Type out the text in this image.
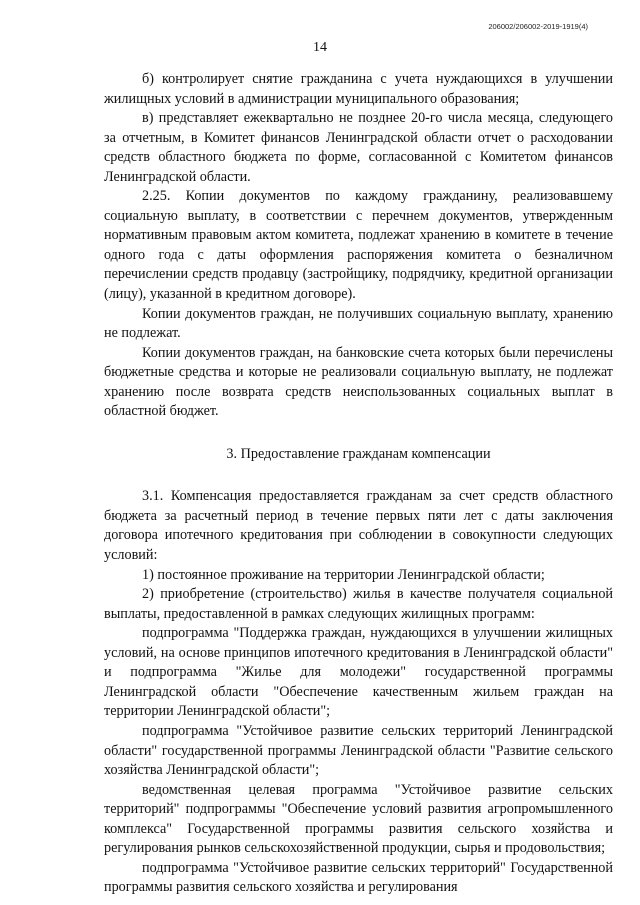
206002/206002-2019-1919(4)
14

б) контролирует снятие гражданина с учета нуждающихся в улучшении жилищных условий в администрации муниципального образования;

в) представляет ежеквартально не позднее 20-го числа месяца, следующего за отчетным, в Комитет финансов Ленинградской области отчет о расходовании средств областного бюджета по форме, согласованной с Комитетом финансов Ленинградской области.

2.25. Копии документов по каждому гражданину, реализовавшему социальную выплату, в соответствии с перечнем документов, утвержденным нормативным правовым актом комитета, подлежат хранению в комитете в течение одного года с даты оформления распоряжения комитета о безналичном перечислении средств продавцу (застройщику, подрядчику, кредитной организации (лицу), указанной в кредитном договоре).

Копии документов граждан, не получивших социальную выплату, хранению не подлежат.

Копии документов граждан, на банковские счета которых были перечислены бюджетные средства и которые не реализовали социальную выплату, не подлежат хранению после возврата средств неиспользованных социальных выплат в областной бюджет.

3. Предоставление гражданам компенсации

3.1. Компенсация предоставляется гражданам за счет средств областного бюджета за расчетный период в течение первых пяти лет с даты заключения договора ипотечного кредитования при соблюдении в совокупности следующих условий:

1) постоянное проживание на территории Ленинградской области;

2) приобретение (строительство) жилья в качестве получателя социальной выплаты, предоставленной в рамках следующих жилищных программ:

подпрограмма "Поддержка граждан, нуждающихся в улучшении жилищных условий, на основе принципов ипотечного кредитования в Ленинградской области" и подпрограмма "Жилье для молодежи" государственной программы Ленинградской области "Обеспечение качественным жильем граждан на территории Ленинградской области";

подпрограмма "Устойчивое развитие сельских территорий Ленинградской области" государственной программы Ленинградской области "Развитие сельского хозяйства Ленинградской области";

ведомственная целевая программа "Устойчивое развитие сельских территорий" подпрограммы "Обеспечение условий развития агропромышленного комплекса" Государственной программы развития сельского хозяйства и регулирования рынков сельскохозяйственной продукции, сырья и продовольствия;

подпрограмма "Устойчивое развитие сельских территорий" Государственной программы развития сельского хозяйства и регулирования
